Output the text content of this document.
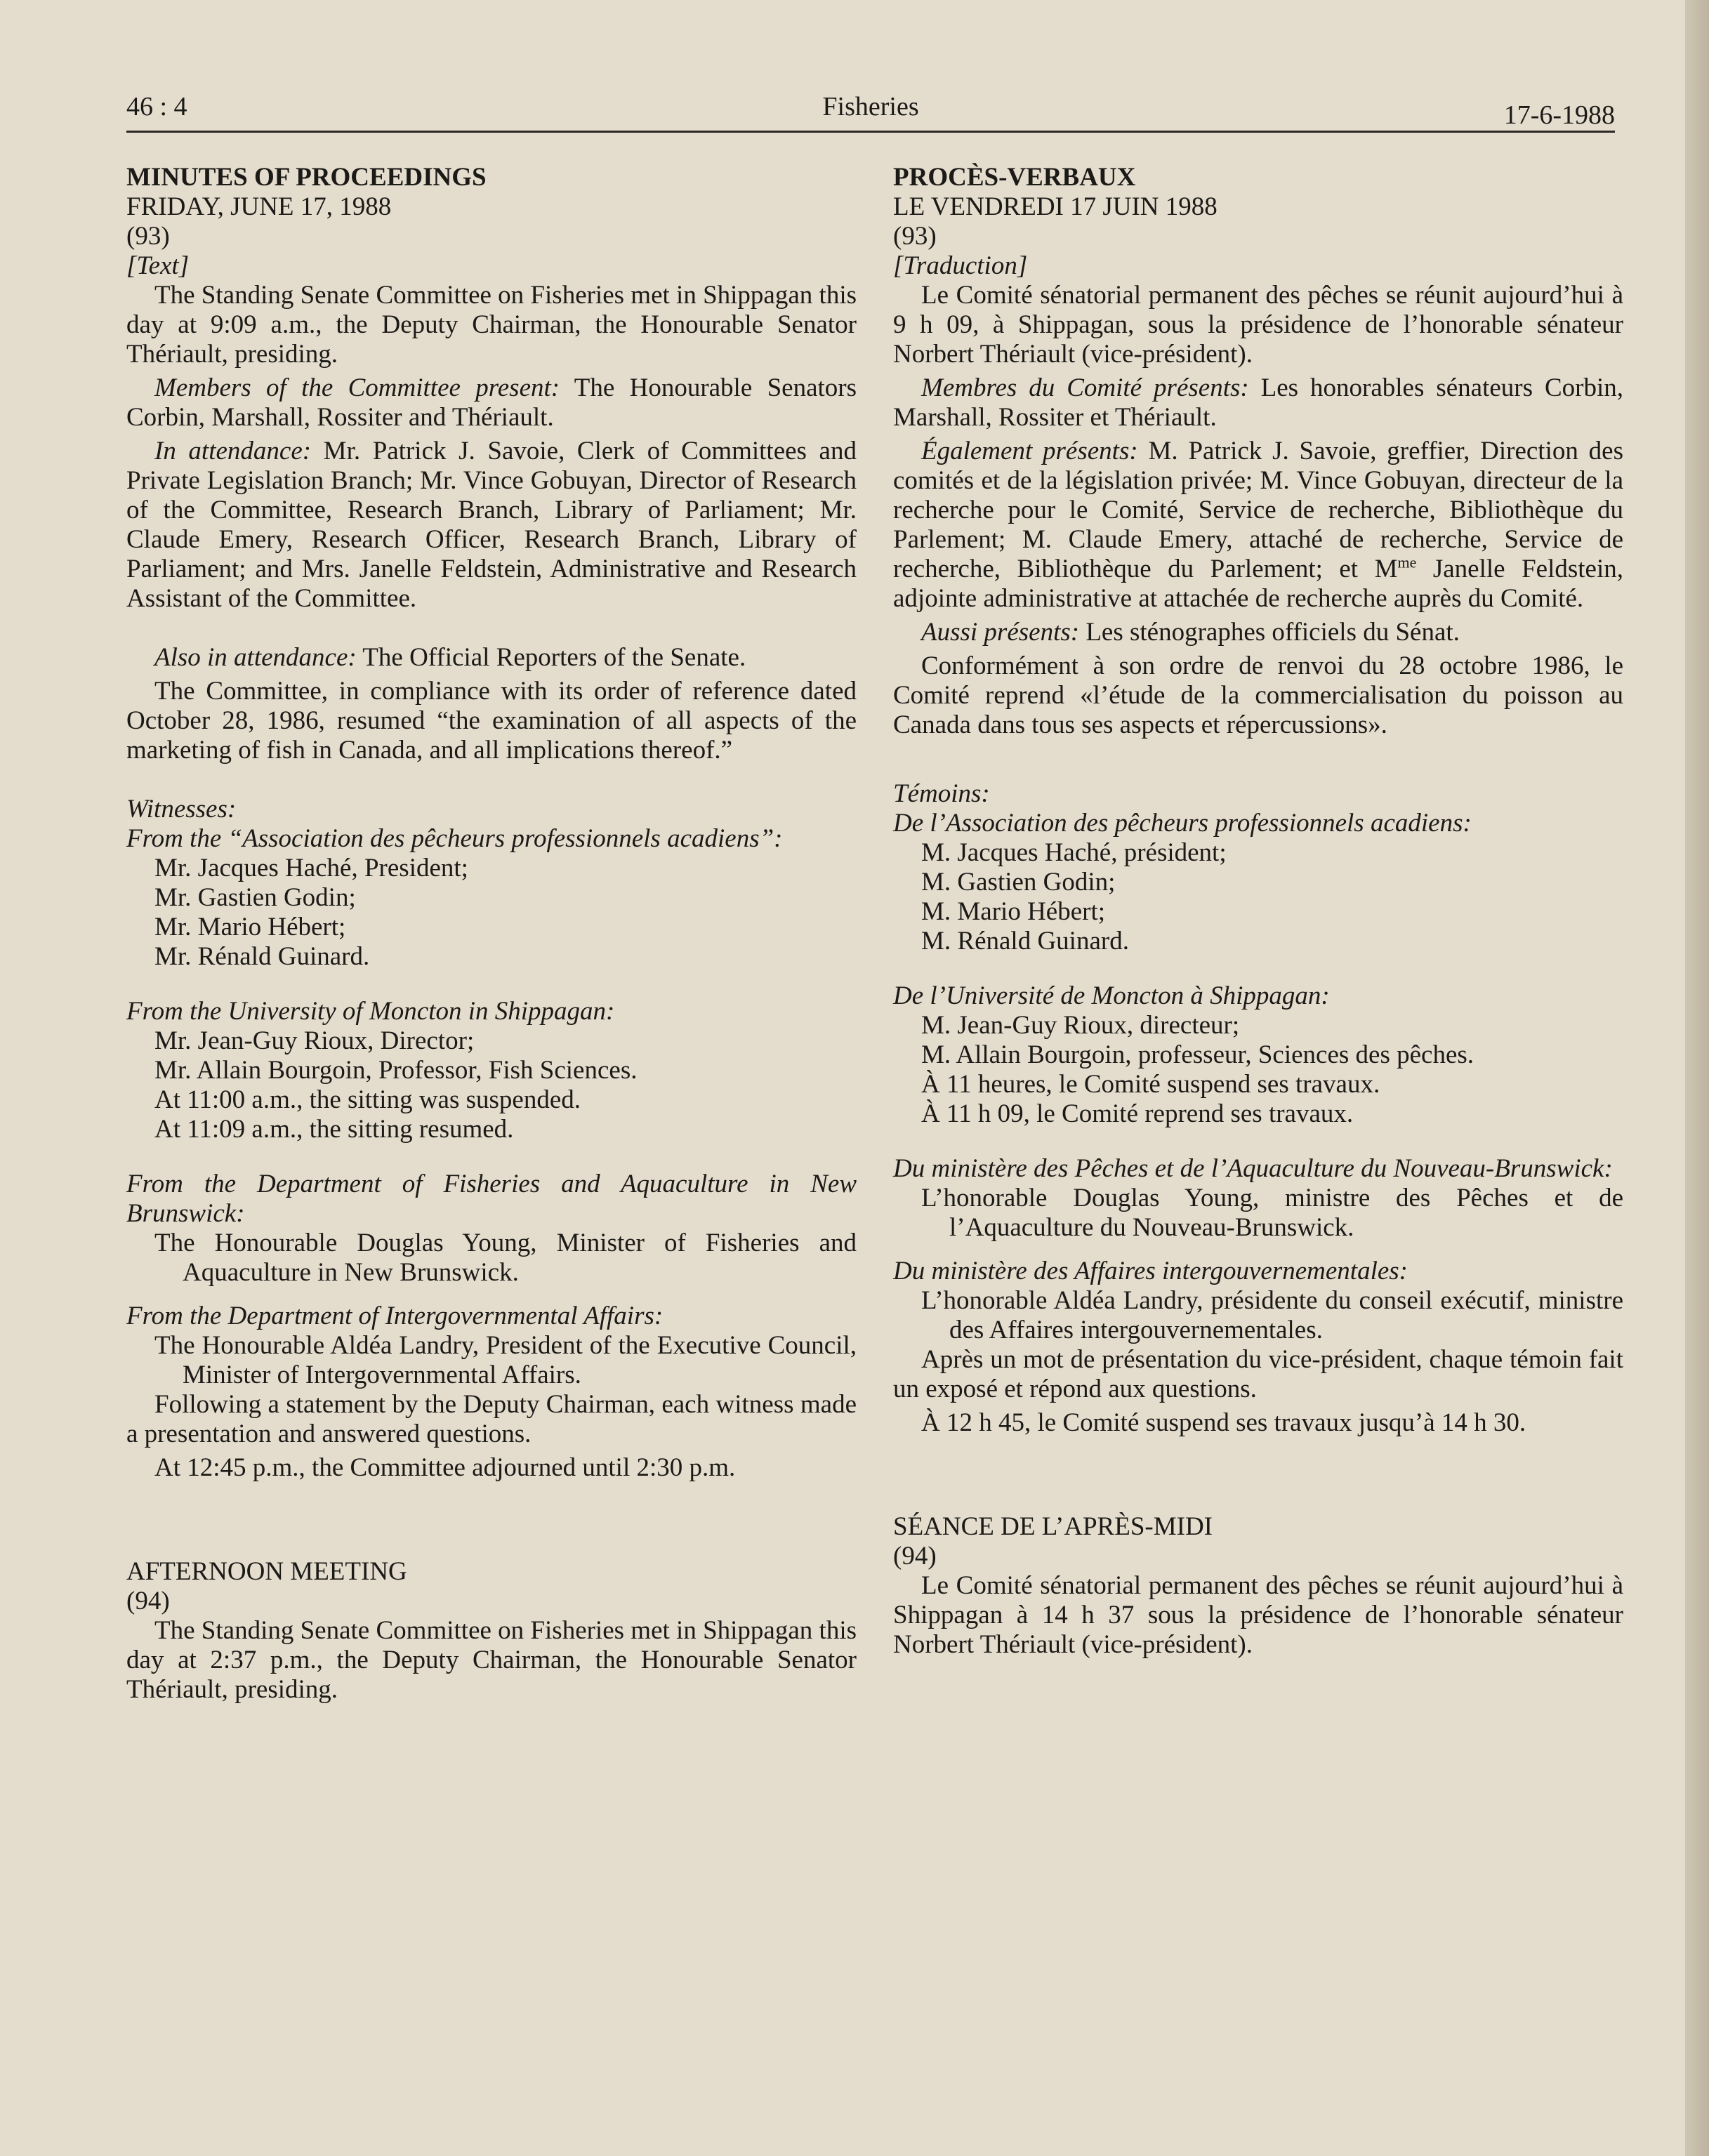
46 : 4	Fisheries	17-6-1988

MINUTES OF PROCEEDINGS

FRIDAY, JUNE 17, 1988

(93)

[Text]

The Standing Senate Committee on Fisheries met in Shippagan this day at 9:09 a.m., the Deputy Chairman, the Honourable Senator Thériault, presiding.

Members of the Committee present: The Honourable Senators Corbin, Marshall, Rossiter and Thériault.

In attendance: Mr. Patrick J. Savoie, Clerk of Committees and Private Legislation Branch; Mr. Vince Gobuyan, Director of Research of the Committee, Research Branch, Library of Parliament; Mr. Claude Emery, Research Officer, Research Branch, Library of Parliament; and Mrs. Janelle Feldstein, Administrative and Research Assistant of the Committee.

Also in attendance: The Official Reporters of the Senate.

The Committee, in compliance with its order of reference dated October 28, 1986, resumed “the examination of all aspects of the marketing of fish in Canada, and all implications thereof.”

Witnesses:

From the “Association des pêcheurs professionnels acadiens”:

Mr. Jacques Haché, President;

Mr. Gastien Godin;

Mr. Mario Hébert;

Mr. Rénald Guinard.

From the University of Moncton in Shippagan:

Mr. Jean-Guy Rioux, Director;

Mr. Allain Bourgoin, Professor, Fish Sciences.

At 11:00 a.m., the sitting was suspended.

At 11:09 a.m., the sitting resumed.

From the Department of Fisheries and Aquaculture in New Brunswick:

The Honourable Douglas Young, Minister of Fisheries and Aquaculture in New Brunswick.

From the Department of Intergovernmental Affairs:

The Honourable Aldéa Landry, President of the Executive Council, Minister of Intergovernmental Affairs.

Following a statement by the Deputy Chairman, each witness made a presentation and answered questions.

At 12:45 p.m., the Committee adjourned until 2:30 p.m.

AFTERNOON MEETING

(94)

The Standing Senate Committee on Fisheries met in Shippagan this day at 2:37 p.m., the Deputy Chairman, the Honourable Senator Thériault, presiding.

PROCÈS-VERBAUX

LE VENDREDI 17 JUIN 1988

(93)

[Traduction]

Le Comité sénatorial permanent des pêches se réunit aujourd’hui à 9 h 09, à Shippagan, sous la présidence de l’honorable sénateur Norbert Thériault (vice-président).

Membres du Comité présents: Les honorables sénateurs Corbin, Marshall, Rossiter et Thériault.

Également présents: M. Patrick J. Savoie, greffier, Direction des comités et de la législation privée; M. Vince Gobuyan, directeur de la recherche pour le Comité, Service de recherche, Bibliothèque du Parlement; M. Claude Emery, attaché de recherche, Service de recherche, Bibliothèque du Parlement; et $M^{me}$ Janelle Feldstein, adjointe administrative at attachée de recherche auprès du Comité.

Aussi présents: Les sténographes officiels du Sénat.

Conformément à son ordre de renvoi du 28 octobre 1986, le Comité reprend «l’étude de la commercialisation du poisson au Canada dans tous ses aspects et répercussions».

Témoins:

De l’Association des pêcheurs professionnels acadiens:

M. Jacques Haché, président;

M. Gastien Godin;

M. Mario Hébert;

M. Rénald Guinard.

De l’Université de Moncton à Shippagan:

M. Jean-Guy Rioux, directeur;

M. Allain Bourgoin, professeur, Sciences des pêches.

À 11 heures, le Comité suspend ses travaux.

À 11 h 09, le Comité reprend ses travaux.

Du ministère des Pêches et de l’Aquaculture du Nouveau-Brunswick:

L’honorable Douglas Young, ministre des Pêches et de l’Aquaculture du Nouveau-Brunswick.

Du ministère des Affaires intergouvernementales:

L’honorable Aldéa Landry, présidente du conseil exécutif, ministre des Affaires intergouvernementales.

Après un mot de présentation du vice-président, chaque témoin fait un exposé et répond aux questions.

À 12 h 45, le Comité suspend ses travaux jusqu’à 14 h 30.

SÉANCE DE L’APRÈS-MIDI

(94)

Le Comité sénatorial permanent des pêches se réunit aujourd’hui à Shippagan à 14 h 37 sous la présidence de l’honorable sénateur Norbert Thériault (vice-président).
